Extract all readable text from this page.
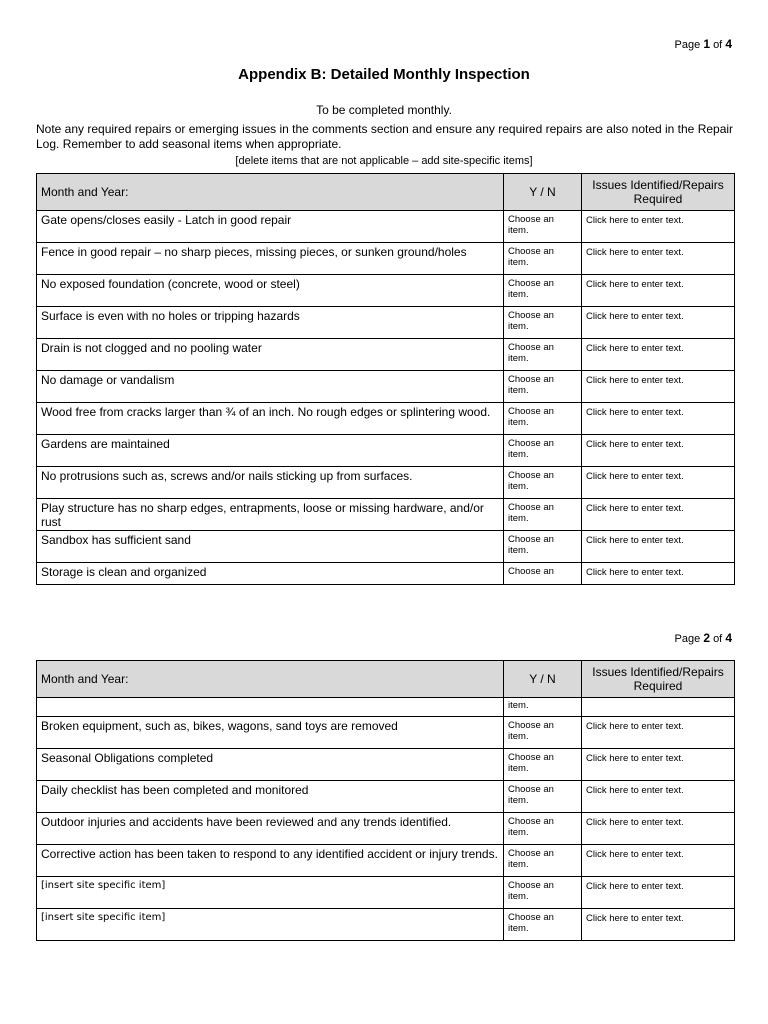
Page 1 of 4
Appendix B: Detailed Monthly Inspection
To be completed monthly.
Note any required repairs or emerging issues in the comments section and ensure any required repairs are also noted in the Repair Log. Remember to add seasonal items when appropriate.
[delete items that are not applicable – add site-specific items]
Month and Year:	Y / N	Issues Identified/Repairs Required
Gate opens/closes easily - Latch in good repair	Choose an item.	Click here to enter text.
Fence in good repair – no sharp pieces, missing pieces, or sunken ground/holes	Choose an item.	Click here to enter text.
No exposed foundation (concrete, wood or steel)	Choose an item.	Click here to enter text.
Surface is even with no holes or tripping hazards	Choose an item.	Click here to enter text.
Drain is not clogged and no pooling water	Choose an item.	Click here to enter text.
No damage or vandalism	Choose an item.	Click here to enter text.
Wood free from cracks larger than ¾ of an inch. No rough edges or splintering wood.	Choose an item.	Click here to enter text.
Gardens are maintained	Choose an item.	Click here to enter text.
No protrusions such as, screws and/or nails sticking up from surfaces.	Choose an item.	Click here to enter text.
Play structure has no sharp edges, entrapments, loose or missing hardware, and/or rust	Choose an item.	Click here to enter text.
Sandbox has sufficient sand	Choose an item.	Click here to enter text.
Storage is clean and organized	Choose an	Click here to enter text.
Page 2 of 4
Month and Year:	Y / N	Issues Identified/Repairs Required
	item.	
Broken equipment, such as, bikes, wagons, sand toys are removed	Choose an item.	Click here to enter text.
Seasonal Obligations completed	Choose an item.	Click here to enter text.
Daily checklist has been completed and monitored	Choose an item.	Click here to enter text.
Outdoor injuries and accidents have been reviewed and any trends identified.	Choose an item.	Click here to enter text.
Corrective action has been taken to respond to any identified accident or injury trends.	Choose an item.	Click here to enter text.
[insert site specific item]	Choose an item.	Click here to enter text.
[insert site specific item]	Choose an item.	Click here to enter text.
